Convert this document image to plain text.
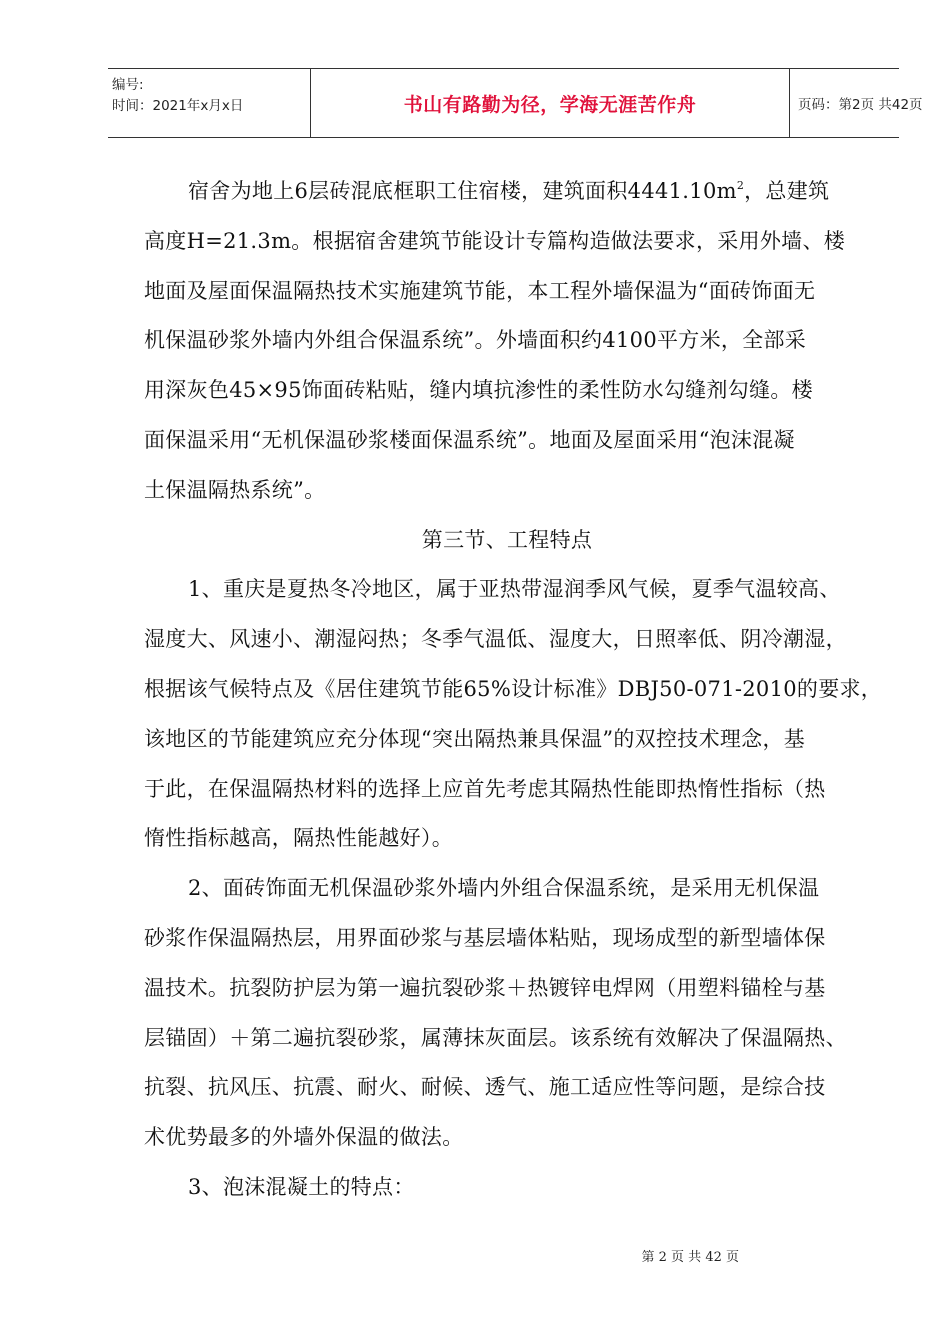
编号:
时间：2021年x月x日	书山有路勤为径，学海无涯苦作舟	页码：第2页 共42页
宿舍为地上6层砖混底框职工住宿楼，建筑面积$4441.10m^2$，总建筑
高度H=21.3m。根据宿舍建筑节能设计专篇构造做法要求，采用外墙、楼
地面及屋面保温隔热技术实施建筑节能，本工程外墙保温为“面砖饰面无
机保温砂浆外墙内外组合保温系统”。外墙面积约4100平方米，全部采
用深灰色45×95饰面砖粘贴，缝内填抗渗性的柔性防水勾缝剂勾缝。楼
面保温采用“无机保温砂浆楼面保温系统”。地面及屋面采用“泡沫混凝
土保温隔热系统”。
第三节、工程特点
1、重庆是夏热冬冷地区，属于亚热带湿润季风气候，夏季气温较高、
湿度大、风速小、潮湿闷热；冬季气温低、湿度大，日照率低、阴冷潮湿，
根据该气候特点及《居住建筑节能65%设计标准》DBJ50-071-2010的要求，
该地区的节能建筑应充分体现“突出隔热兼具保温”的双控技术理念，基
于此，在保温隔热材料的选择上应首先考虑其隔热性能即热惰性指标（热
惰性指标越高，隔热性能越好）。
2、面砖饰面无机保温砂浆外墙内外组合保温系统，是采用无机保温
砂浆作保温隔热层，用界面砂浆与基层墙体粘贴，现场成型的新型墙体保
温技术。抗裂防护层为第一遍抗裂砂浆＋热镀锌电焊网（用塑料锚栓与基
层锚固）＋第二遍抗裂砂浆，属薄抹灰面层。该系统有效解决了保温隔热、
抗裂、抗风压、抗震、耐火、耐候、透气、施工适应性等问题，是综合技
术优势最多的外墙外保温的做法。
3、泡沫混凝土的特点：
第 2 页 共 42 页
